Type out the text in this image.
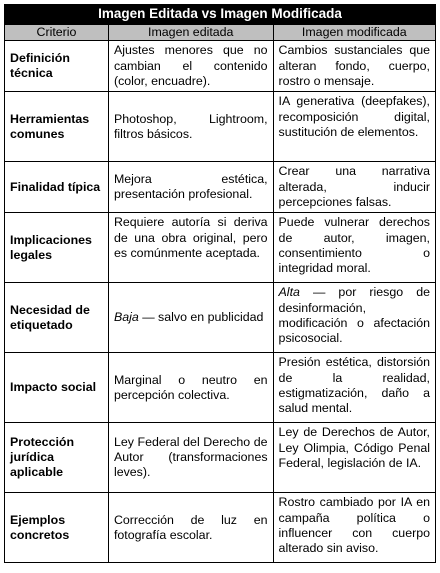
Imagen Editada vs Imagen Modificada		
Criterio	Imagen editada	Imagen modificada
Definición técnica	Ajustes menores que no cambian el contenido (color, encuadre).	Cambios sustanciales que alteran fondo, cuerpo, rostro o mensaje.
Herramientas comunes	Photoshop, Lightroom, filtros básicos.	IA generativa (deepfakes), recomposición digital, sustitución de elementos.
Finalidad típica	Mejora estética, presentación profesional.	Crear una narrativa alterada, inducir percepciones falsas.
Implicaciones legales	Requiere autoría si deriva de una obra original, pero es comúnmente aceptada.	Puede vulnerar derechos de autor, imagen, consentimiento o integridad moral.
Necesidad de etiquetado	Baja — salvo en publicidad	Alta — por riesgo de desinformación, modificación o afectación psicosocial.
Impacto social	Marginal o neutro en percepción colectiva.	Presión estética, distorsión de la realidad, estigmatización, daño a salud mental.
Protección jurídica aplicable	Ley Federal del Derecho de Autor (transformaciones leves).	Ley de Derechos de Autor, Ley Olimpia, Código Penal Federal, legislación de IA.
Ejemplos concretos	Corrección de luz en fotografía escolar.	Rostro cambiado por IA en campaña política o influencer con cuerpo alterado sin aviso.
